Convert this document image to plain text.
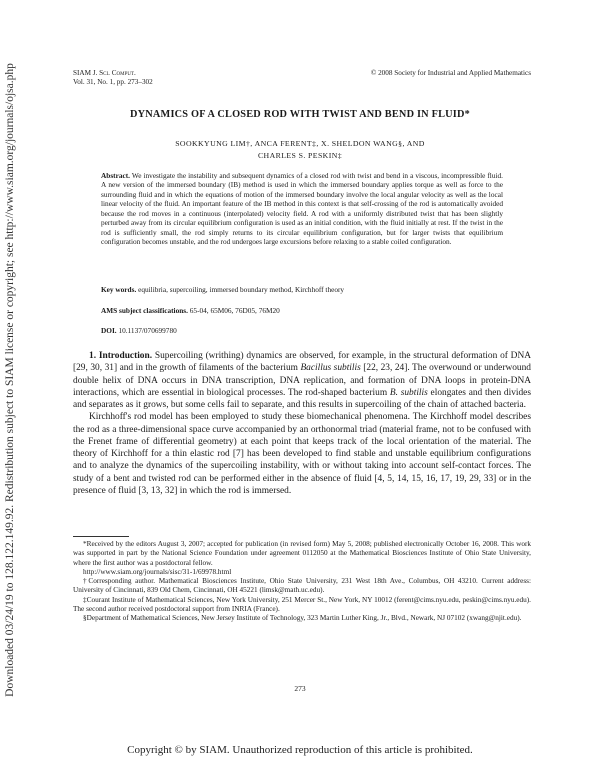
Downloaded 03/24/19 to 128.122.149.92. Redistribution subject to SIAM license or copyright; see http://www.siam.org/journals/ojsa.php	SIAM J. Sci. Comput.
Vol. 31, No. 1, pp. 273–302
© 2008 Society for Industrial and Applied Mathematics
DYNAMICS OF A CLOSED ROD WITH TWIST AND BEND IN FLUID*
SOOKKYUNG LIM†, ANCA FERENT‡, X. SHELDON WANG§, AND
CHARLES S. PESKIN‡
Abstract. We investigate the instability and subsequent dynamics of a closed rod with twist and bend in a viscous, incompressible fluid. A new version of the immersed boundary (IB) method is used in which the immersed boundary applies torque as well as force to the surrounding fluid and in which the equations of motion of the immersed boundary involve the local angular velocity as well as the local linear velocity of the fluid. An important feature of the IB method in this context is that self-crossing of the rod is automatically avoided because the rod moves in a continuous (interpolated) velocity field. A rod with a uniformly distributed twist that has been slightly perturbed away from its circular equilibrium configuration is used as an initial condition, with the fluid initially at rest. If the twist in the rod is sufficiently small, the rod simply returns to its circular equilibrium configuration, but for larger twists that equilibrium configuration becomes unstable, and the rod undergoes large excursions before relaxing to a stable coiled configuration.
Key words. equilibria, supercoiling, immersed boundary method, Kirchhoff theory
AMS subject classifications. 65-04, 65M06, 76D05, 76M20
DOI. 10.1137/070699780

1. Introduction. Supercoiling (writhing) dynamics are observed, for example, in the structural deformation of DNA [29, 30, 31] and in the growth of filaments of the bacterium Bacillus subtilis [22, 23, 24]. The overwound or underwound double helix of DNA occurs in DNA transcription, DNA replication, and formation of DNA loops in protein-DNA interactions, which are essential in biological processes. The rod-shaped bacterium B. subtilis elongates and then divides and separates as it grows, but some cells fail to separate, and this results in supercoiling of the chain of attached bacteria.

Kirchhoff's rod model has been employed to study these biomechanical phenomena. The Kirchhoff model describes the rod as a three-dimensional space curve accompanied by an orthonormal triad (material frame, not to be confused with the Frenet frame of differential geometry) at each point that keeps track of the local orientation of the material. The theory of Kirchhoff for a thin elastic rod [7] has been developed to find stable and unstable equilibrium configurations and to analyze the dynamics of the supercoiling instability, with or without taking into account self-contact forces. The study of a bent and twisted rod can be performed either in the absence of fluid [4, 5, 14, 15, 16, 17, 19, 29, 33] or in the presence of fluid [3, 13, 32] in which the rod is immersed.

*Received by the editors August 3, 2007; accepted for publication (in revised form) May 5, 2008; published electronically October 16, 2008. This work was supported in part by the National Science Foundation under agreement 0112050 at the Mathematical Biosciences Institute of Ohio State University, where the first author was a postdoctoral fellow.

http://www.siam.org/journals/sisc/31-1/69978.html

†Corresponding author. Mathematical Biosciences Institute, Ohio State University, 231 West 18th Ave., Columbus, OH 43210. Current address: University of Cincinnati, 839 Old Chem, Cincinnati, OH 45221 (limsk@math.uc.edu).

‡Courant Institute of Mathematical Sciences, New York University, 251 Mercer St., New York, NY 10012 (ferent@cims.nyu.edu, peskin@cims.nyu.edu). The second author received postdoctoral support from INRIA (France).

§Department of Mathematical Sciences, New Jersey Institute of Technology, 323 Martin Luther King, Jr., Blvd., Newark, NJ 07102 (xwang@njit.edu).

273
Copyright © by SIAM. Unauthorized reproduction of this article is prohibited.
